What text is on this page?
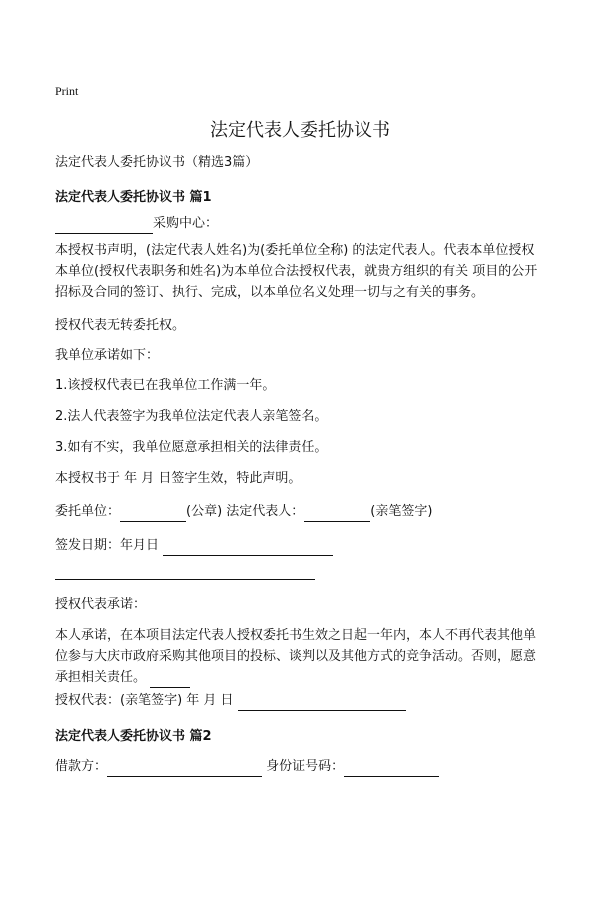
Print
法定代表人委托协议书
法定代表人委托协议书（精选3篇）
法定代表人委托协议书 篇1
采购中心：
本授权书声明，(法定代表人姓名)为(委托单位全称) 的法定代表人。代表本单位授权本单位(授权代表职务和姓名)为本单位合法授权代表，就贵方组织的有关 项目的公开招标及合同的签订、执行、完成，以本单位名义处理一切与之有关的事务。
授权代表无转委托权。
我单位承诺如下：
1.该授权代表已在我单位工作满一年。
2.法人代表签字为我单位法定代表人亲笔签名。
3.如有不实，我单位愿意承担相关的法律责任。
本授权书于 年 月 日签字生效，特此声明。
委托单位：	(公章) 法定代表人：	(亲笔签字)
签发日期：年月日
授权代表承诺：
本人承诺，在本项目法定代表人授权委托书生效之日起一年内，本人不再代表其他单位参与大庆市政府采购其他项目的投标、谈判以及其他方式的竞争活动。否则，愿意承担相关责任。
授权代表：(亲笔签字) 年 月 日
法定代表人委托协议书 篇2
借款方：	身份证号码：
